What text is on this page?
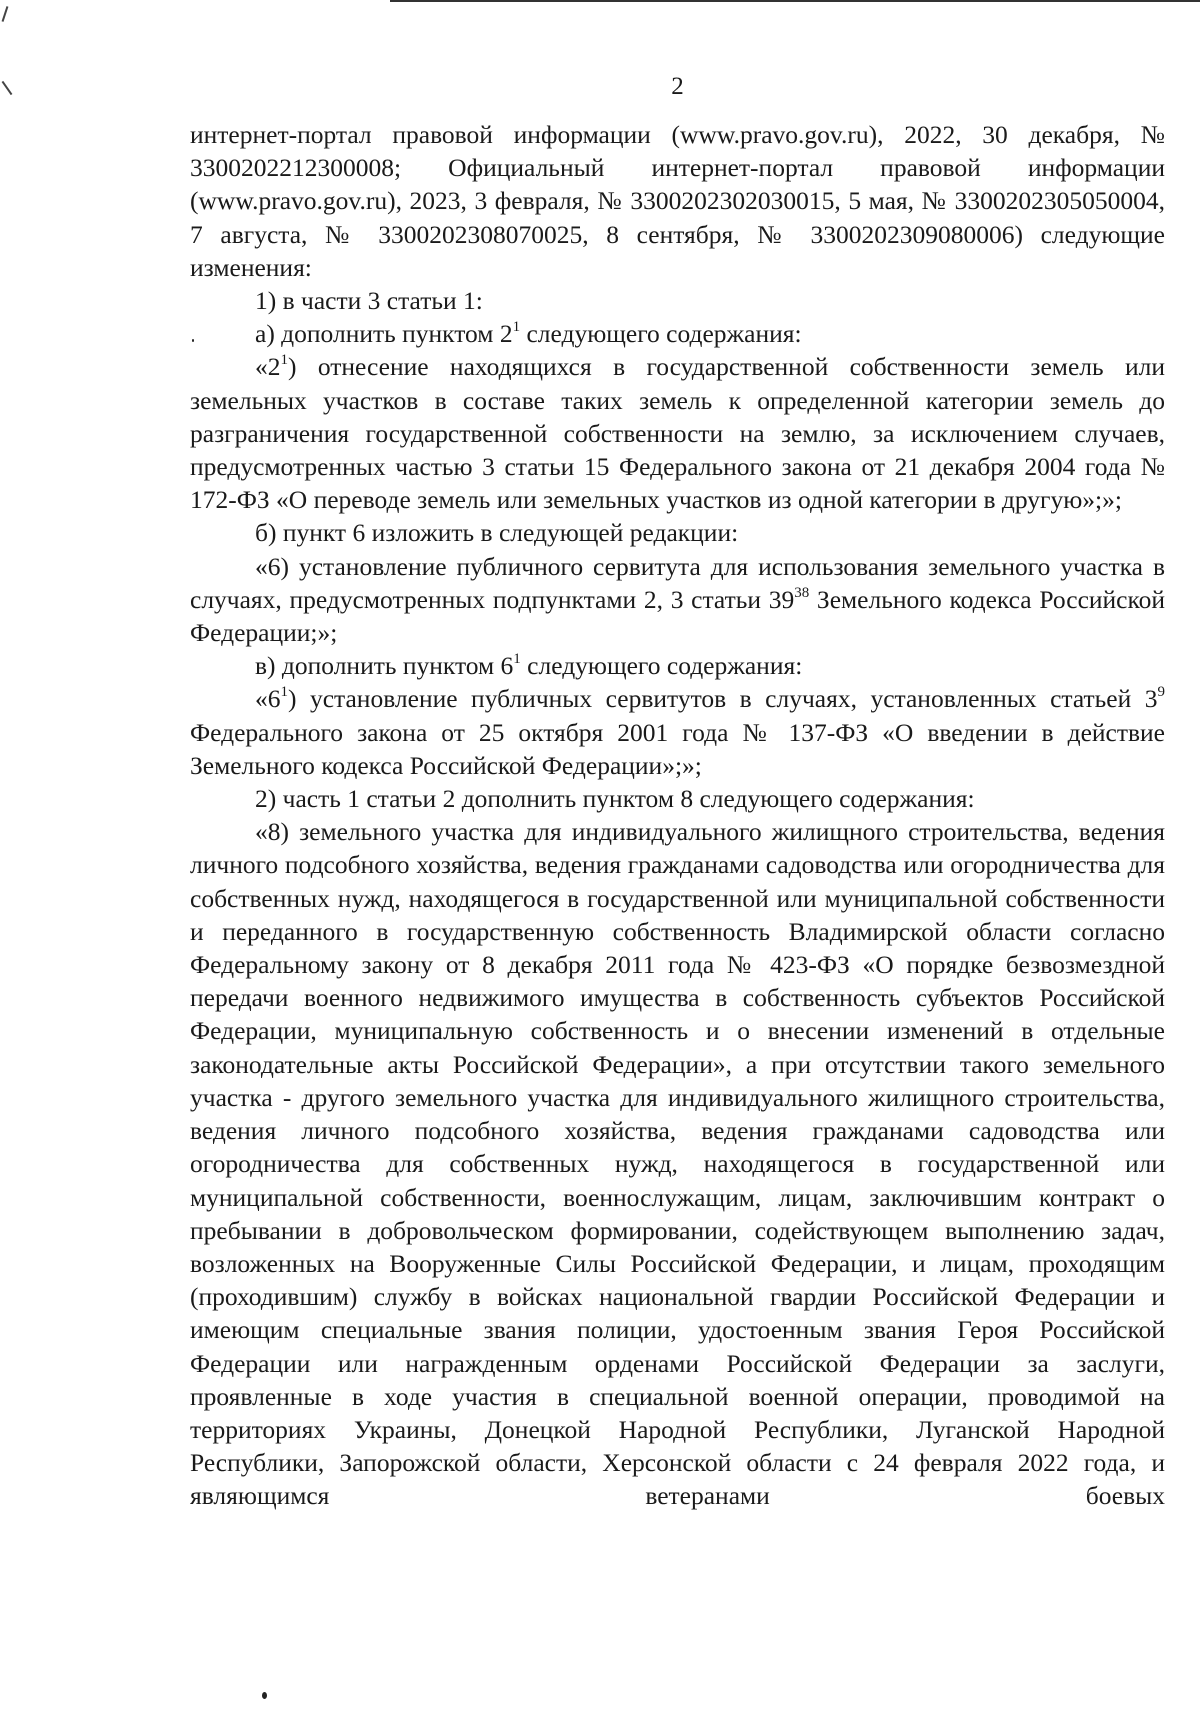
2

интернет-портал правовой информации (www.pravo.gov.ru), 2022, 30 декабря, № 3300202212300008; Официальный интернет-портал правовой информации (www.pravo.gov.ru), 2023, 3 февраля, № 3300202302030015, 5 мая, № 3300202305050004, 7 августа, № 3300202308070025, 8 сентября, № 3300202309080006) следующие изменения:

1) в части 3 статьи 1:

а) дополнить пунктом $2^1$ следующего содержания:

«$2^1$) отнесение находящихся в государственной собственности земель или земельных участков в составе таких земель к определенной категории земель до разграничения государственной собственности на землю, за исключением случаев, предусмотренных частью 3 статьи 15 Федерального закона от 21 декабря 2004 года № 172-ФЗ «О переводе земель или земельных участков из одной категории в другую»;»;

б) пункт 6 изложить в следующей редакции:

«6) установление публичного сервитута для использования земельного участка в случаях, предусмотренных подпунктами 2, 3 статьи $39^{38}$ Земельного кодекса Российской Федерации;»;

в) дополнить пунктом $6^1$ следующего содержания:

«$6^1$) установление публичных сервитутов в случаях, установленных статьей $3^9$ Федерального закона от 25 октября 2001 года № 137-ФЗ «О введении в действие Земельного кодекса Российской Федерации»;»;

2) часть 1 статьи 2 дополнить пунктом 8 следующего содержания:

«8) земельного участка для индивидуального жилищного строительства, ведения личного подсобного хозяйства, ведения гражданами садоводства или огородничества для собственных нужд, находящегося в государственной или муниципальной собственности и переданного в государственную собственность Владимирской области согласно Федеральному закону от 8 декабря 2011 года № 423-ФЗ «О порядке безвозмездной передачи военного недвижимого имущества в собственность субъектов Российской Федерации, муниципальную собственность и о внесении изменений в отдельные законодательные акты Российской Федерации», а при отсутствии такого земельного участка - другого земельного участка для индивидуального жилищного строительства, ведения личного подсобного хозяйства, ведения гражданами садоводства или огородничества для собственных нужд, находящегося в государственной или муниципальной собственности, военнослужащим, лицам, заключившим контракт о пребывании в добровольческом формировании, содействующем выполнению задач, возложенных на Вооруженные Силы Российской Федерации, и лицам, проходящим (проходившим) службу в войсках национальной гвардии Российской Федерации и имеющим специальные звания полиции, удостоенным звания Героя Российской Федерации или награжденным орденами Российской Федерации за заслуги, проявленные в ходе участия в специальной военной операции, проводимой на территориях Украины, Донецкой Народной Республики, Луганской Народной Республики, Запорожской области, Херсонской области с 24 февраля 2022 года, и являющимся ветеранами боевых
